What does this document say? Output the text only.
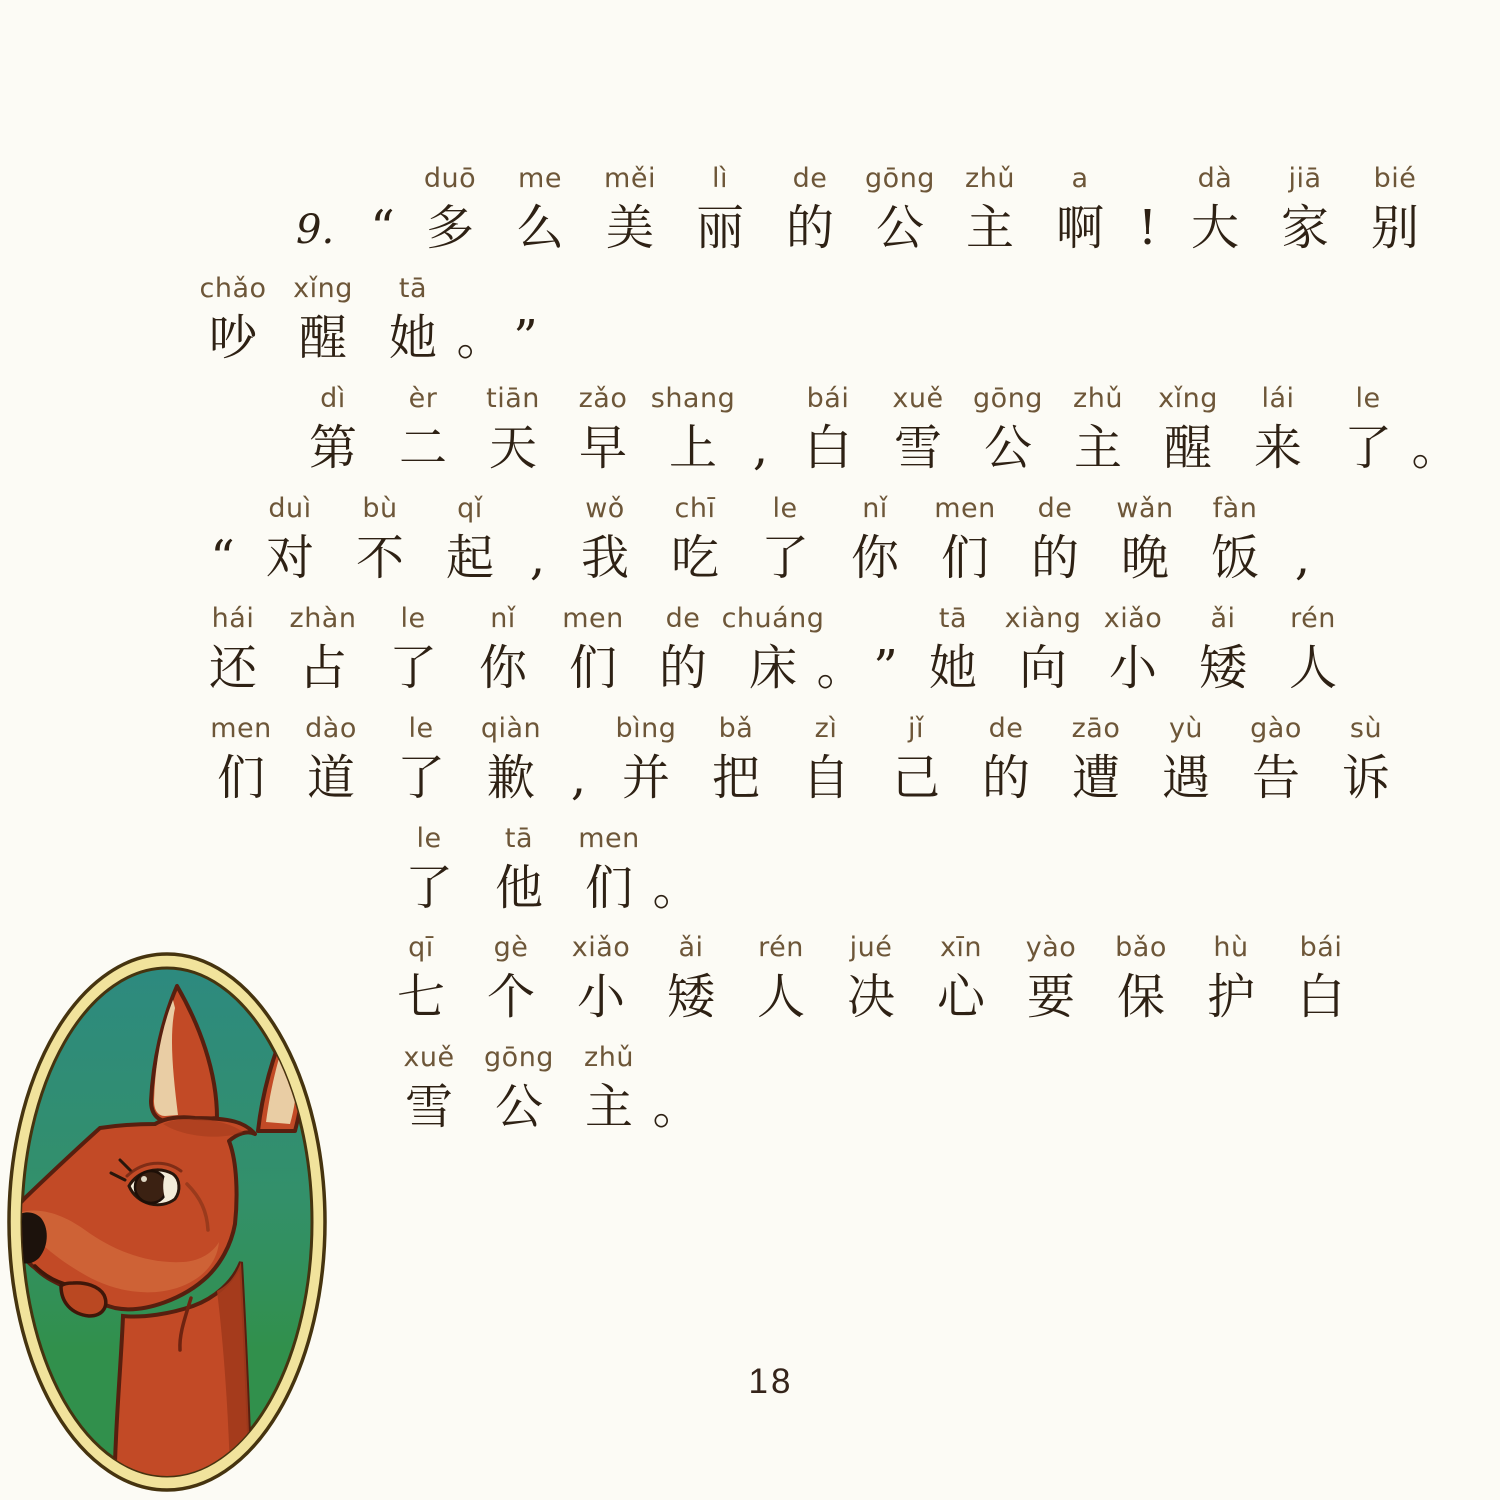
9. “
duō
多
me
么
měi
美
lì
丽
de
的
gōng
公
zhǔ
主
a
啊 !
dà
大
jiā
家
bié
别
chǎo
吵
xǐng
醒
tā
她 。 ”
dì
第
èr
二
tiān
天
zǎo
早
shang
上 ,
bái
白
xuě
雪
gōng
公
zhǔ
主
xǐng
醒
lái
来
le
了 。
“
duì
对
bù
不
qǐ
起 ,
wǒ
我
chī
吃
le
了
nǐ
你
men
们
de
的
wǎn
晚
fàn
饭 ,
hái
还
zhàn
占
le
了
nǐ
你
men
们
de
的
chuáng
床 。 ”
tā
她
xiàng
向
xiǎo
小
ǎi
矮
rén
人
men
们
dào
道
le
了
qiàn
歉 ,
bìng
并
bǎ
把
zì
自
jǐ
己
de
的
zāo
遭
yù
遇
gào
告
sù
诉
le
了
tā
他
men
们 。
qī
七
gè
个
xiǎo
小
ǎi
矮
rén
人
jué
决
xīn
心
yào
要
bǎo
保
hù
护
bái
白
xuě
雪
gōng
公
zhǔ
主 。
18
